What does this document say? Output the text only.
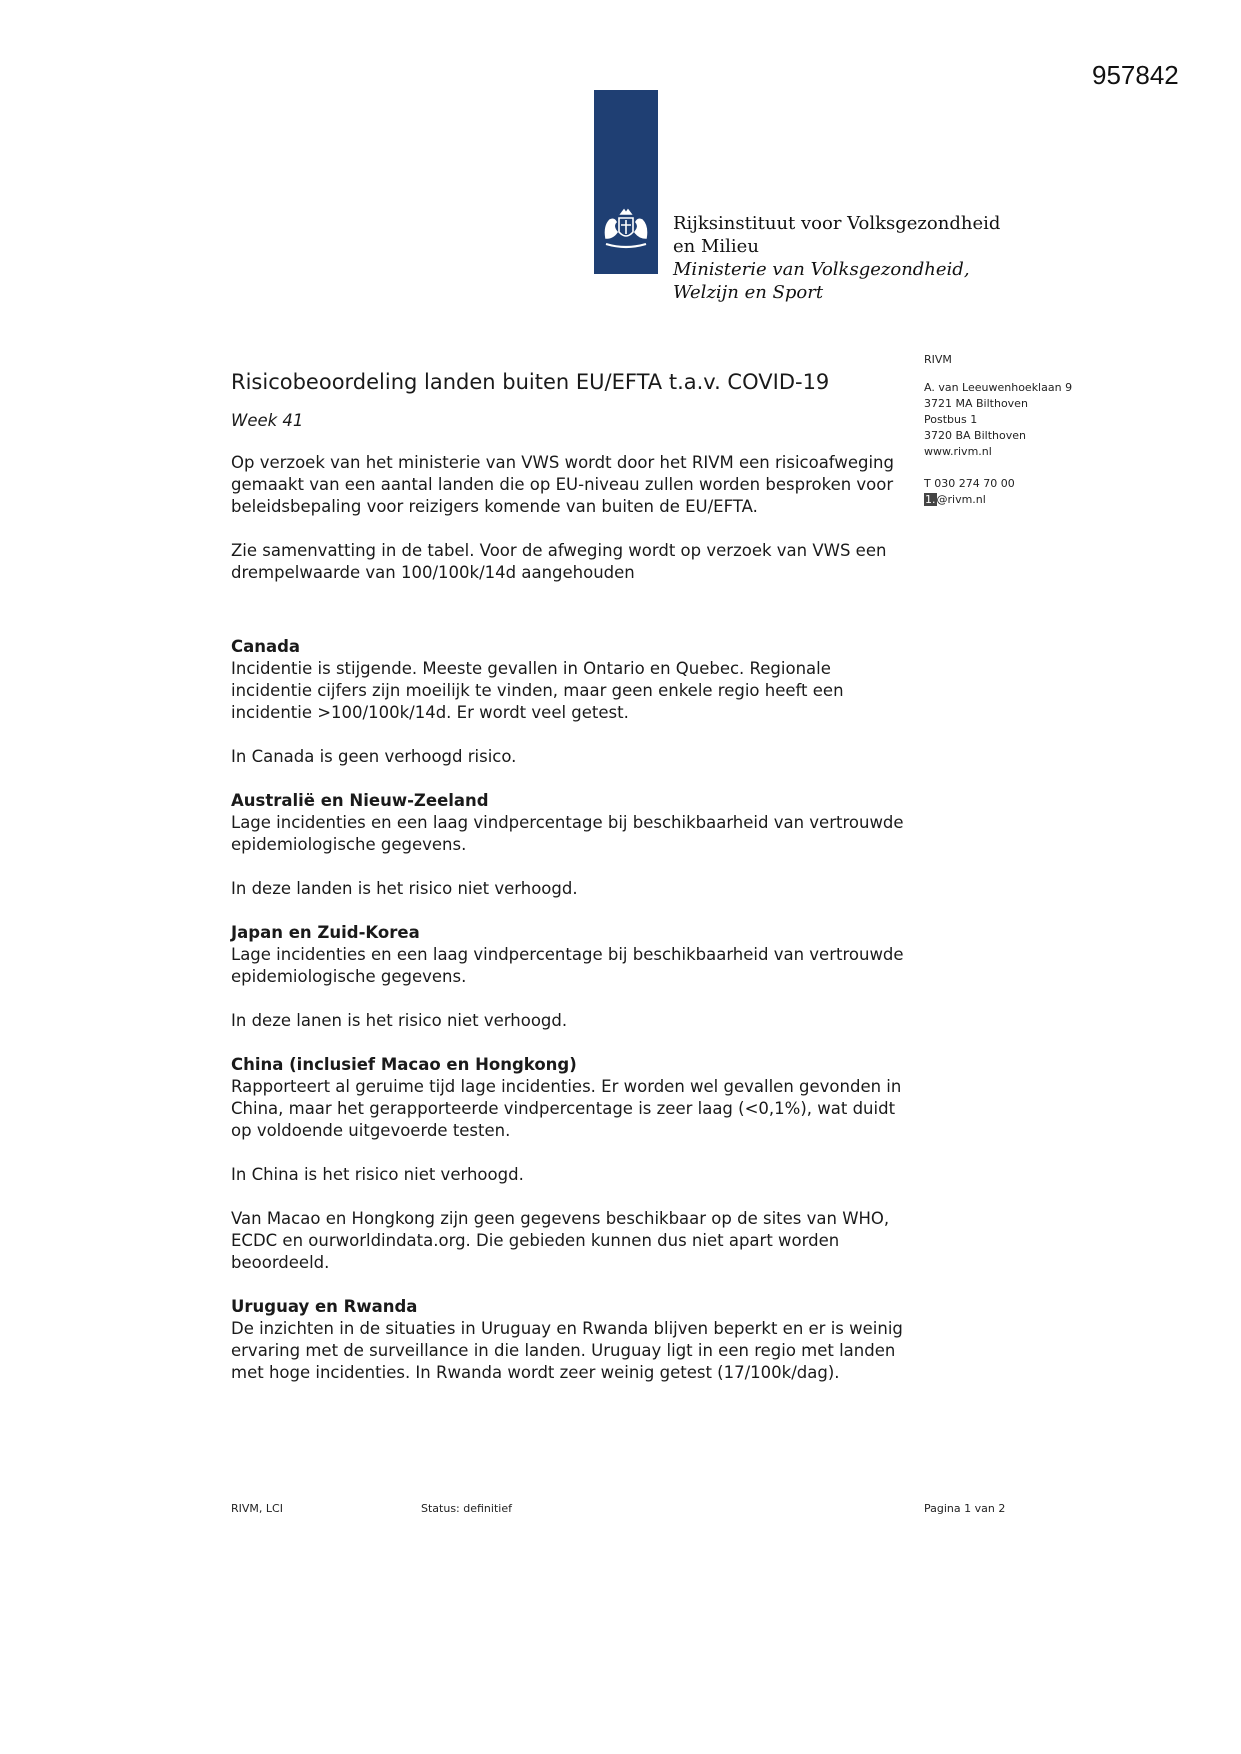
957842
Rijksinstituut voor Volksgezondheid
en Milieu
Ministerie van Volksgezondheid,
Welzijn en Sport
RIVM
A. van Leeuwenhoeklaan 9
3721 MA Bilthoven
Postbus 1
3720 BA Bilthoven
www.rivm.nl
T 030 274 70 00
1.@rivm.nl
Risicobeoordeling landen buiten EU/EFTA t.a.v. COVID-19
Week 41

Op verzoek van het ministerie van VWS wordt door het RIVM een risicoafweging gemaakt van een aantal landen die op EU-niveau zullen worden besproken voor beleidsbepaling voor reizigers komende van buiten de EU/EFTA.

Zie samenvatting in de tabel. Voor de afweging wordt op verzoek van VWS een drempelwaarde van 100/100k/14d aangehouden

Canada

Incidentie is stijgende. Meeste gevallen in Ontario en Quebec. Regionale incidentie cijfers zijn moeilijk te vinden, maar geen enkele regio heeft een incidentie >100/100k/14d. Er wordt veel getest.

In Canada is geen verhoogd risico.

Australië en Nieuw-Zeeland

Lage incidenties en een laag vindpercentage bij beschikbaarheid van vertrouwde epidemiologische gegevens.

In deze landen is het risico niet verhoogd.

Japan en Zuid-Korea

Lage incidenties en een laag vindpercentage bij beschikbaarheid van vertrouwde epidemiologische gegevens.

In deze lanen is het risico niet verhoogd.

China (inclusief Macao en Hongkong)

Rapporteert al geruime tijd lage incidenties. Er worden wel gevallen gevonden in China, maar het gerapporteerde vindpercentage is zeer laag (<0,1%), wat duidt op voldoende uitgevoerde testen.

In China is het risico niet verhoogd.

Van Macao en Hongkong zijn geen gegevens beschikbaar op de sites van WHO, ECDC en ourworldindata.org. Die gebieden kunnen dus niet apart worden beoordeeld.

Uruguay en Rwanda

De inzichten in de situaties in Uruguay en Rwanda blijven beperkt en er is weinig ervaring met de surveillance in die landen. Uruguay ligt in een regio met landen met hoge incidenties. In Rwanda wordt zeer weinig getest (17/100k/dag).

RIVM, LCI	Status: definitief	Pagina 1 van 2
